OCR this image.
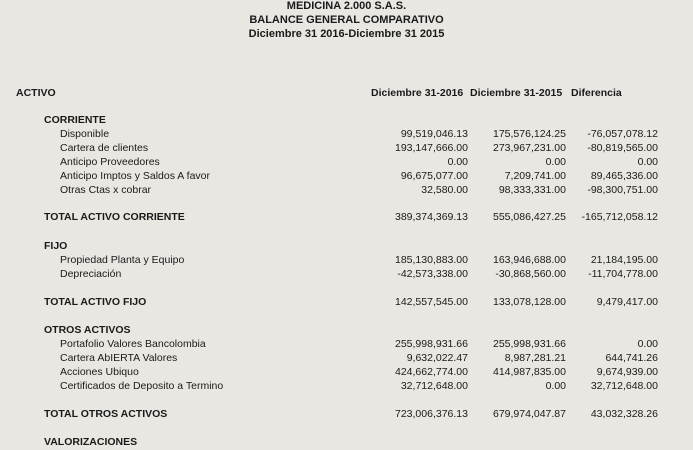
MEDICINA 2.000 S.A.S.
BALANCE GENERAL COMPARATIVO
Diciembre 31 2016-Diciembre 31 2015
ACTIVO	Diciembre 31-2016 Diciembre 31-2015 Diferencia
CORRIENTE
Disponible	99,519,046.13 175,576,124.25 -76,057,078.12
Cartera de clientes	193,147,666.00 273,967,231.00 -80,819,565.00
Anticipo Proveedores	0.00	0.00	0.00
Anticipo Imptos y Saldos A favor	96,675,077.00	7,209,741.00 89,465,336.00
Otras Ctas x cobrar	32,580.00	98,333,331.00 -98,300,751.00
TOTAL ACTIVO CORRIENTE	389,374,369.13 555,086,427.25 -165,712,058.12
FIJO
Propiedad Planta y Equipo	185,130,883.00 163,946,688.00 21,184,195.00
Depreciación	-42,573,338.00	-30,868,560.00 -11,704,778.00
TOTAL ACTIVO FIJO	142,557,545.00 133,078,128.00	9,479,417.00
OTROS ACTIVOS
Portafolio Valores Bancolombia	255,998,931.66 255,998,931.66	0.00
Cartera AbIERTA Valores	9,632,022.47	8,987,281.21	644,741.26
Acciones Ubiquo	424,662,774.00 414,987,835.00	9,674,939.00
Certificados de Deposito a Termino	32,712,648.00	0.00 32,712,648.00
TOTAL OTROS ACTIVOS	723,006,376.13 679,974,047.87 43,032,328.26
VALORIZACIONES
